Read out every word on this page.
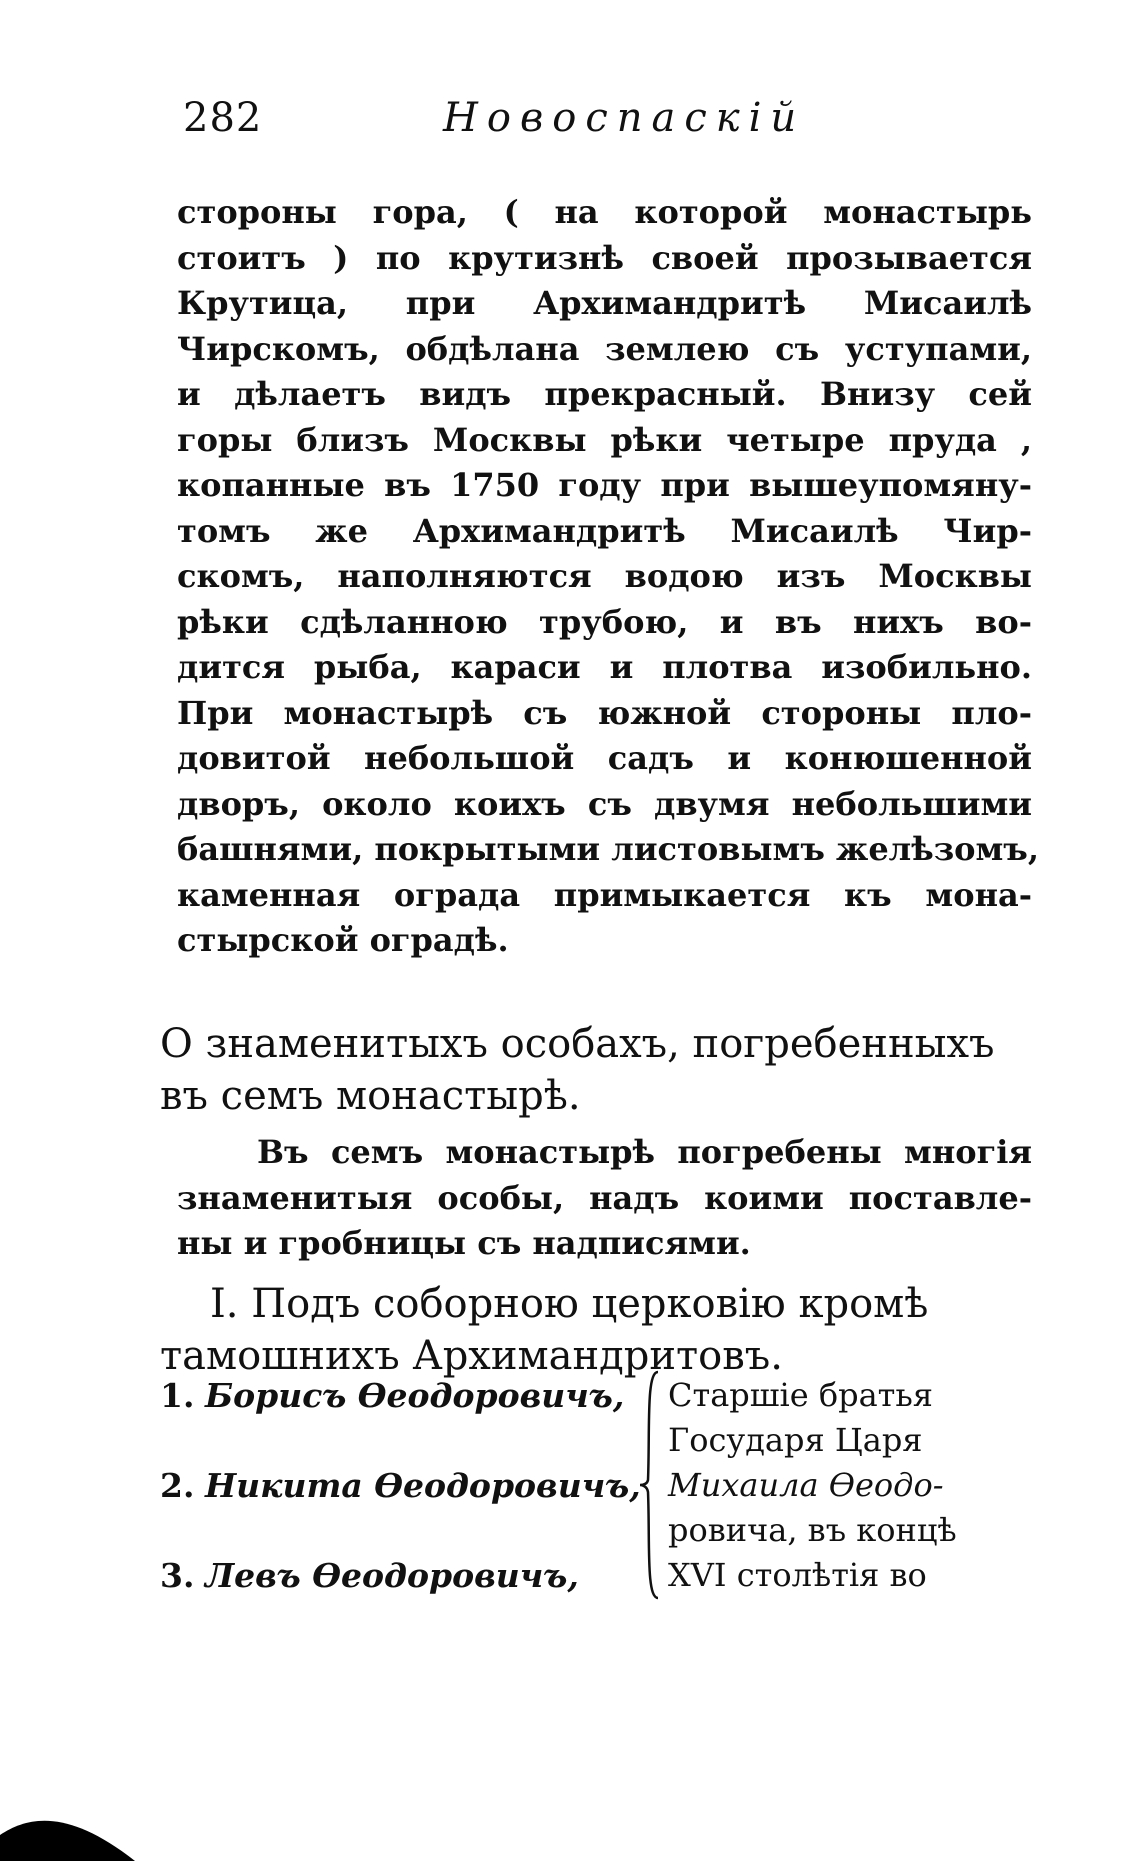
282	Новоспаскій

стороны гора, ( на которой монастырь
стоитъ ) по крутизнѣ своей прозывается
Крутица, при Архимандритѣ Мисаилѣ
Чирскомъ, обдѣлана землею съ уступами,
и дѣлаетъ видъ прекрасный. Внизу сей
горы близъ Москвы рѣки четыре пруда ,
копанные въ 1750 году при вышеупомяну-
томъ же Архимандритѣ Мисаилѣ Чир-
скомъ, наполняются водою изъ Москвы
рѣки сдѣланною трубою, и въ нихъ во-
дится рыба, караси и плотва изобильно.
При монастырѣ съ южной стороны пло-
довитой небольшой садъ и конюшенной
дворъ, около коихъ съ двумя небольшими
башнями, покрытыми листовымъ желѣзомъ,
каменная ограда примыкается къ мона-
стырской оградѣ.

О знаменитыхъ особахъ, погребенныхъ
въ семъ монастырѣ.

Въ семъ монастырѣ погребены многія
знаменитыя особы, надъ коими поставле-
ны и гробницы съ надписями.

I. Подъ соборною церковію кромѣ
тамошнихъ Архимандритовъ.
1. Борисъ Ѳеодоровичъ,
2. Никита Ѳеодоровичъ,
3. Левъ Ѳеодоровичъ,
Старшіе братья
Государя Царя
Михаила Ѳеодо-
ровича, въ концѣ
XVI столѣтія во
